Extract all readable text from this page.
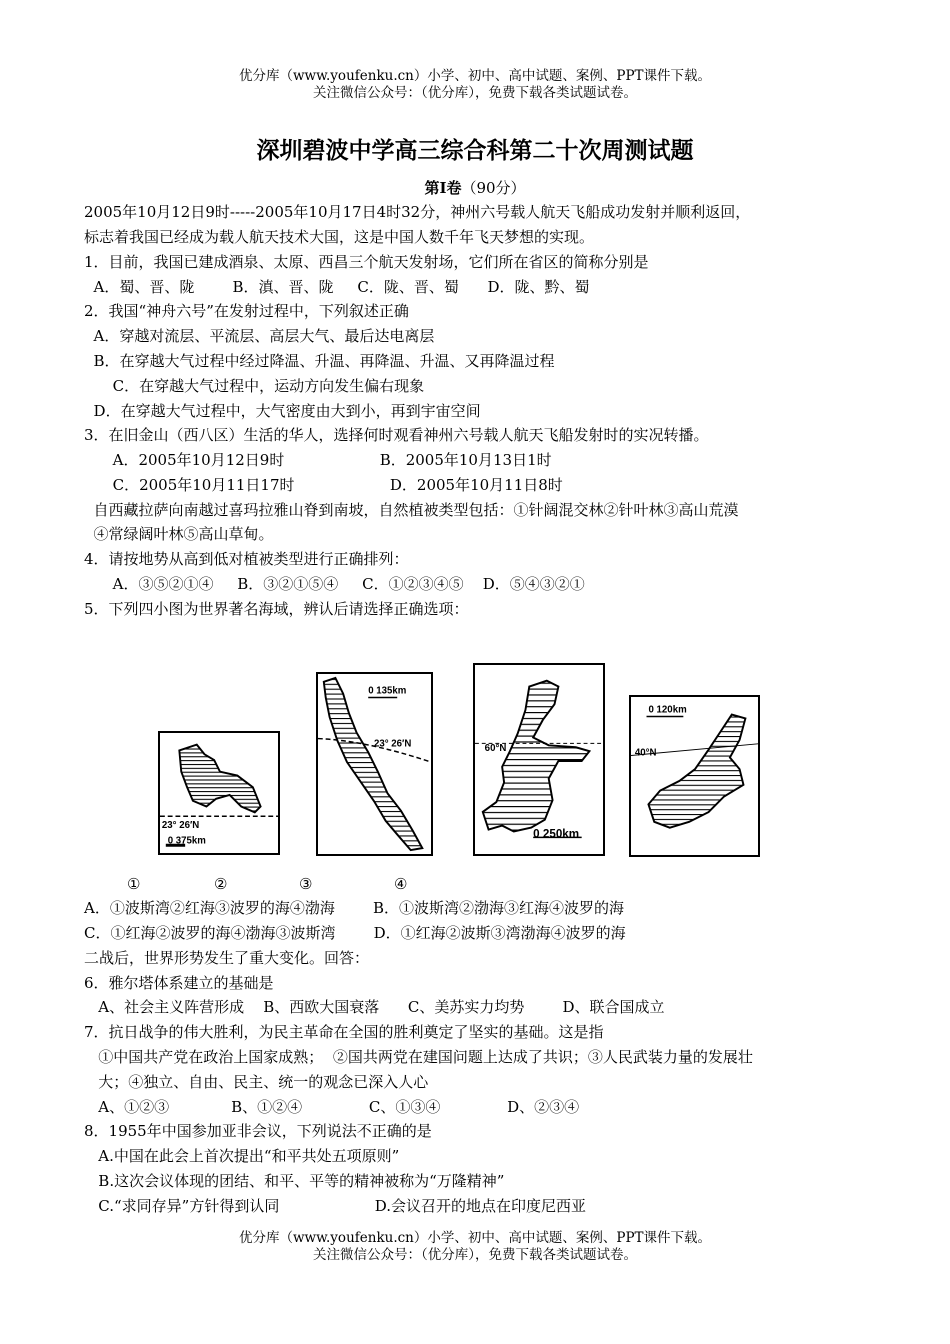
优分库（www.youfenku.cn）小学、初中、高中试题、案例、PPT课件下载。
关注微信公众号：（优分库），免费下载各类试题试卷。
深圳碧波中学高三综合科第二十次周测试题
第Ⅰ卷（90分）
2005年10月12日9时-----2005年10月17日4时32分，神州六号载人航天飞船成功发射并顺利返回，
标志着我国已经成为载人航天技术大国，这是中国人数千年飞天梦想的实现。
1．目前，我国已建成酒泉、太原、西昌三个航天发射场，它们所在省区的简称分别是
A．蜀、晋、陇        B．滇、晋、陇     C．陇、晋、蜀      D．陇、黔、蜀
2．我国“神舟六号”在发射过程中，下列叙述正确
A．穿越对流层、平流层、高层大气、最后达电离层
B．在穿越大气过程中经过降温、升温、再降温、升温、又再降温过程
C．在穿越大气过程中，运动方向发生偏右现象
D．在穿越大气过程中，大气密度由大到小，再到宇宙空间
3．在旧金山（西八区）生活的华人，选择何时观看神州六号载人航天飞船发射时的实况转播。
A．2005年10月12日9时                    B．2005年10月13日1时
C．2005年10月11日17时                    D．2005年10月11日8时
自西藏拉萨向南越过喜玛拉雅山脊到南坡，自然植被类型包括：①针阔混交林②针叶林③高山荒漠
④常绿阔叶林⑤高山草甸。
4．请按地势从高到低对植被类型进行正确排列：
A．③⑤②①④     B．③②①⑤④     C．①②③④⑤    D．⑤④③②①
5．下列四小图为世界著名海域，辨认后请选择正确选项：
23° 26′N
0 375km
23° 26′N
0 135km
60°N
0 250km
40°N
0 120km
①	②	③	④
A．①波斯湾②红海③波罗的海④渤海        B．①波斯湾②渤海③红海④波罗的海
C．①红海②波罗的海④渤海③波斯湾        D．①红海②波斯③湾渤海④波罗的海
二战后，世界形势发生了重大变化。回答：
6．雅尔塔体系建立的基础是
A、社会主义阵营形成    B、西欧大国衰落      C、美苏实力均势        D、联合国成立
7．抗日战争的伟大胜利，为民主革命在全国的胜利奠定了坚实的基础。这是指
①中国共产党在政治上国家成熟；  ②国共两党在建国问题上达成了共识；③人民武装力量的发展壮
大；④独立、自由、民主、统一的观念已深入人心
A、①②③             B、①②④              C、①③④              D、②③④
8．1955年中国参加亚非会议，下列说法不正确的是
A.中国在此会上首次提出“和平共处五项原则”
B.这次会议体现的团结、和平、平等的精神被称为“万隆精神”
C.“求同存异”方针得到认同                    D.会议召开的地点在印度尼西亚
优分库（www.youfenku.cn）小学、初中、高中试题、案例、PPT课件下载。
关注微信公众号：（优分库），免费下载各类试题试卷。
